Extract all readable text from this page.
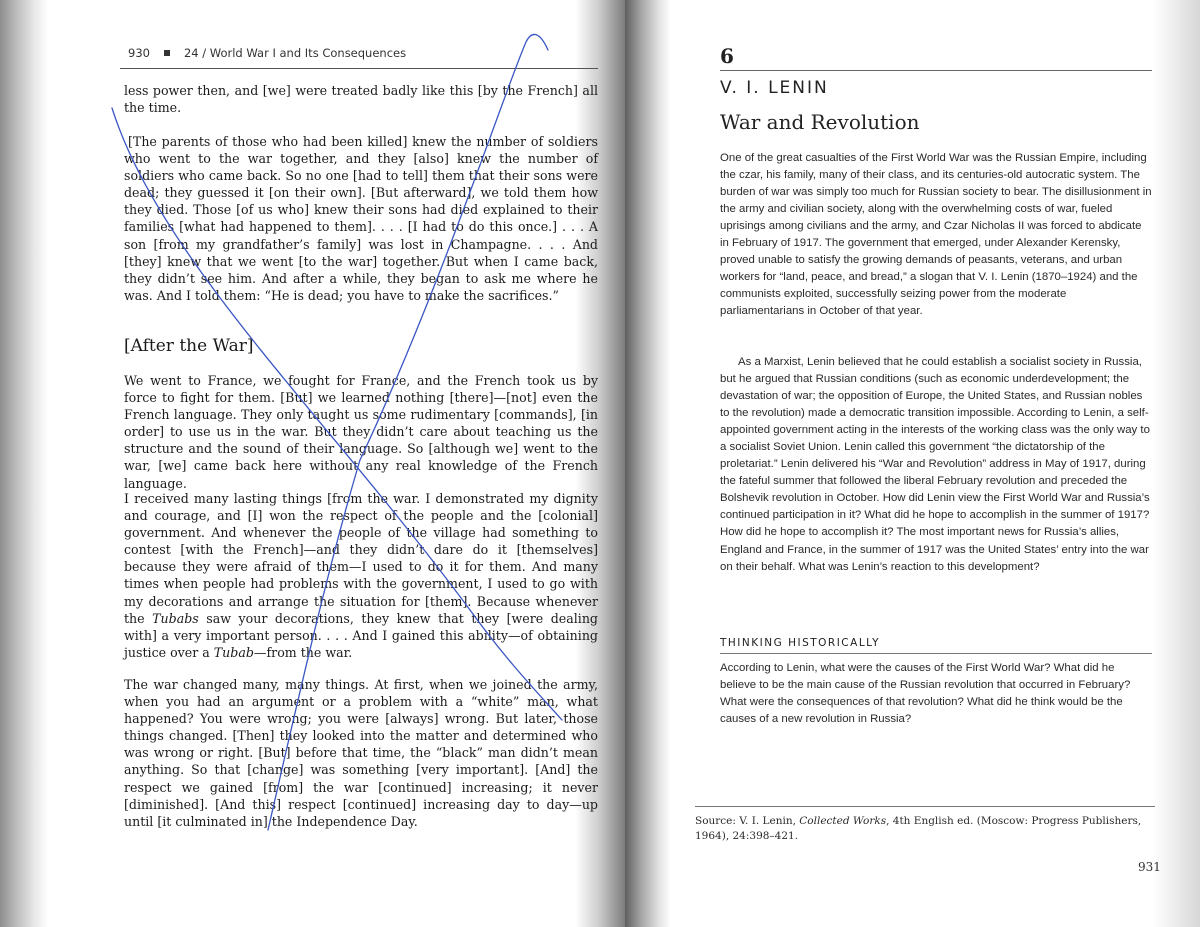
930	24 / World War I and Its Consequences

less power then, and [we] were treated badly like this [by the French] all the time.

[The parents of those who had been killed] knew the number of soldiers who went to the war together, and they [also] knew the number of soldiers who came back. So no one [had to tell] them that their sons were dead; they guessed it [on their own]. [But afterward], we told them how they died. Those [of us who] knew their sons had died explained to their families [what had happened to them]. . . . [I had to do this once.] . . . A son [from my grandfather’s family] was lost in Champagne. . . . And [they] knew that we went [to the war] together. But when I came back, they didn’t see him. And after a while, they began to ask me where he was. And I told them: “He is dead; you have to make the sacrifices.”

[After the War]

We went to France, we fought for France, and the French took us by force to fight for them. [But] we learned nothing [there]—[not] even the French language. They only taught us some rudimentary [commands], [in order] to use us in the war. But they didn’t care about teaching us the structure and the sound of their language. So [although we] went to the war, [we] came back here without any real knowledge of the French language.

I received many lasting things [from the war. I demonstrated my dignity and courage, and [I] won the respect of the people and the [colonial] government. And whenever the people of the village had something to contest [with the French]—and they didn’t dare do it [themselves] because they were afraid of them—I used to do it for them. And many times when people had problems with the government, I used to go with my decorations and arrange the situation for [them]. Because whenever the Tubabs saw your decorations, they knew that they [were dealing with] a very important person. . . . And I gained this ability—of obtaining justice over a Tubab—from the war.

The war changed many, many things. At first, when we joined the army, when you had an argument or a problem with a “white” man, what happened? You were wrong; you were [always] wrong. But later, those things changed. [Then] they looked into the matter and determined who was wrong or right. [But] before that time, the “black” man didn’t mean anything. So that [change] was something [very important]. [And] the respect we gained [from] the war [continued] increasing; it never [diminished]. [And this] respect [continued] increasing day to day—up until [it culminated in] the Independence Day.

6
V. I. LENIN
War and Revolution

One of the great casualties of the First World War was the Russian Empire, including the czar, his family, many of their class, and its centuries-old autocratic system. The burden of war was simply too much for Russian society to bear. The disillusionment in the army and civilian society, along with the overwhelming costs of war, fueled uprisings among civilians and the army, and Czar Nicholas II was forced to abdicate in February of 1917. The government that emerged, under Alexander Kerensky, proved unable to satisfy the growing demands of peasants, veterans, and urban workers for “land, peace, and bread,” a slogan that V. I. Lenin (1870–1924) and the communists exploited, successfully seizing power from the moderate parliamentarians in October of that year.

As a Marxist, Lenin believed that he could establish a socialist society in Russia, but he argued that Russian conditions (such as economic underdevelopment; the devastation of war; the opposition of Europe, the United States, and Russian nobles to the revolution) made a democratic transition impossible. According to Lenin, a self-appointed government acting in the interests of the working class was the only way to a socialist Soviet Union. Lenin called this government “the dictatorship of the proletariat.” Lenin delivered his “War and Revolution” address in May of 1917, during the fateful summer that followed the liberal February revolution and preceded the Bolshevik revolution in October. How did Lenin view the First World War and Russia’s continued participation in it? What did he hope to accomplish in the summer of 1917? How did he hope to accomplish it? The most important news for Russia’s allies, England and France, in the summer of 1917 was the United States’ entry into the war on their behalf. What was Lenin’s reaction to this development?

THINKING HISTORICALLY

According to Lenin, what were the causes of the First World War? What did he believe to be the main cause of the Russian revolution that occurred in February? What were the consequences of that revolution? What did he think would be the causes of a new revolution in Russia?

Source: V. I. Lenin, Collected Works, 4th English ed. (Moscow: Progress Publishers, 1964), 24:398–421.
931
